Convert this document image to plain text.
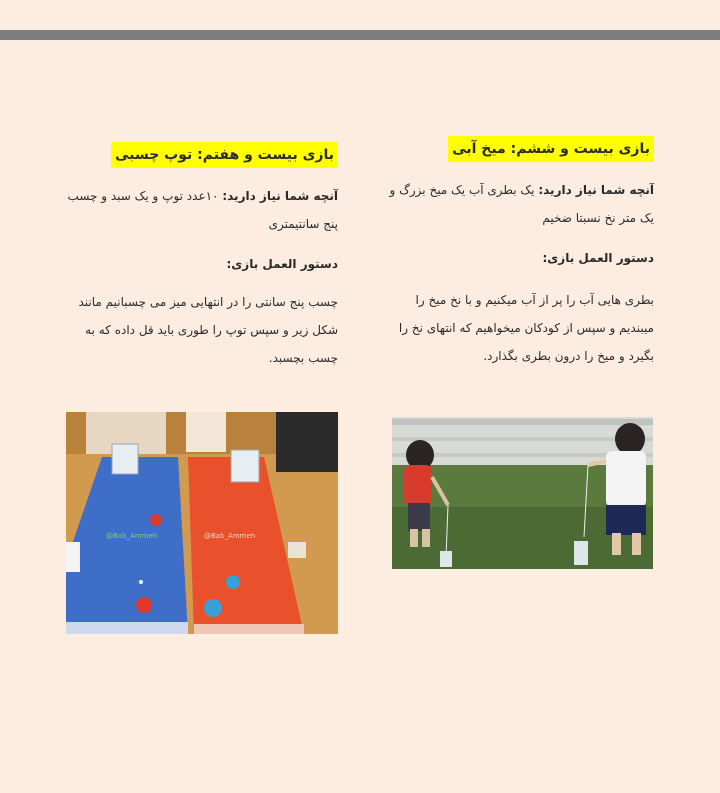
بازی بیست و ششم: میخ آبی

آنچه شما نیاز دارید: یک بطری آب یک میخ بزرگ و یک متر نخ نسبتا ضخیم

دستور العمل بازی:

بطری هایی آب را پر از آب میکنیم و با نخ میخ را میبندیم و سپس از کودکان میخواهیم که انتهای نخ را بگیرد و میخ را درون بطری بگذارد.

بازی بیست و هفتم: توپ چسبی

آنچه شما نیاز دارید: ۱۰عدد توپ و یک سبد و چسب پنج سانتیمتری

دستور العمل بازی:

چسب پنج سانتی را در انتهایی میز می چسبانیم مانند شکل زیر و سپس توپ را طوری باید قل داده که به چسب بچسبد.

@Bab_Ammeh
@Bab_Ammeh
